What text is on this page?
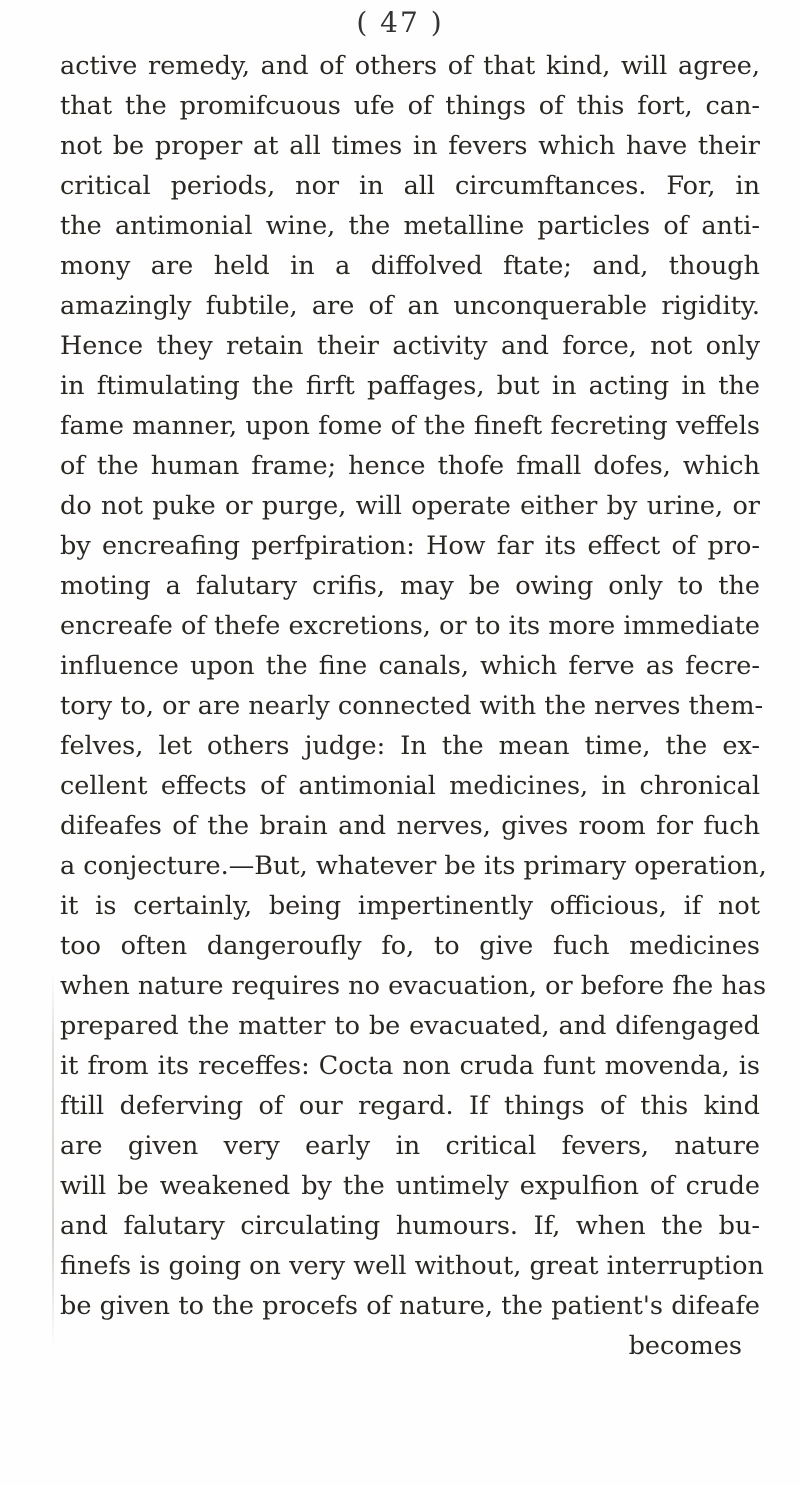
( 47 )
active remedy, and of others of that kind, will agree,
that the promifcuous ufe of things of this fort, can-
not be proper at all times in fevers which have their
critical periods, nor in all circumftances. For, in
the antimonial wine, the metalline particles of anti-
mony are held in a diffolved ftate; and, though
amazingly fubtile, are of an unconquerable rigidity.
Hence they retain their activity and force, not only
in ftimulating the firft paffages, but in acting in the
fame manner, upon fome of the fineft fecreting veffels
of the human frame; hence thofe fmall dofes, which
do not puke or purge, will operate either by urine, or
by encreafing perfpiration: How far its effect of pro-
moting a falutary crifis, may be owing only to the
encreafe of thefe excretions, or to its more immediate
influence upon the fine canals, which ferve as fecre-
tory to, or are nearly connected with the nerves them-
felves, let others judge: In the mean time, the ex-
cellent effects of antimonial medicines, in chronical
difeafes of the brain and nerves, gives room for fuch
a conjecture.—But, whatever be its primary operation,
it is certainly, being impertinently officious, if not
too often dangeroufly fo, to give fuch medicines
when nature requires no evacuation, or before fhe has
prepared the matter to be evacuated, and difengaged
it from its receffes: Cocta non cruda funt movenda, is
ftill deferving of our regard. If things of this kind
are given very early in critical fevers, nature
will be weakened by the untimely expulfion of crude
and falutary circulating humours. If, when the bu-
finefs is going on very well without, great interruption
be given to the procefs of nature, the patient's difeafe
becomes
